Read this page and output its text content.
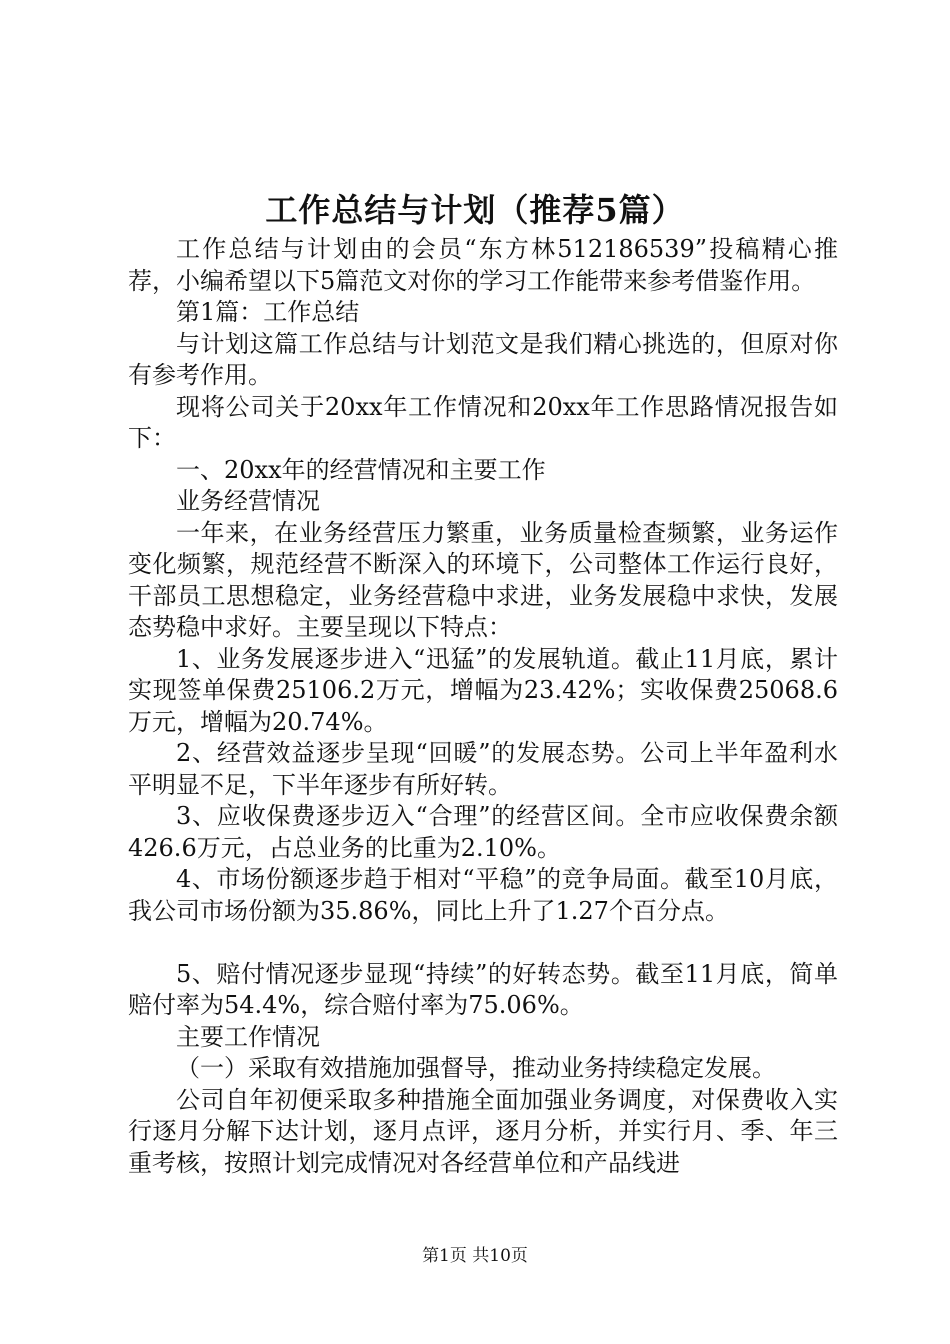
工作总结与计划（推荐5篇）

工作总结与计划由的会员“东方林512186539”投稿精心推荐，小编希望以下5篇范文对你的学习工作能带来参考借鉴作用。

第1篇：工作总结

与计划这篇工作总结与计划范文是我们精心挑选的，但原对你有参考作用。

现将公司关于20xx年工作情况和20xx年工作思路情况报告如下：

一、20xx年的经营情况和主要工作

业务经营情况

一年来，在业务经营压力繁重，业务质量检查频繁，业务运作变化频繁，规范经营不断深入的环境下，公司整体工作运行良好，干部员工思想稳定，业务经营稳中求进，业务发展稳中求快，发展态势稳中求好。主要呈现以下特点：

1、业务发展逐步进入“迅猛”的发展轨道。截止11月底，累计实现签单保费25106.2万元，增幅为23.42%；实收保费25068.6万元，增幅为20.74%。

2、经营效益逐步呈现“回暖”的发展态势。公司上半年盈利水平明显不足，下半年逐步有所好转。

3、应收保费逐步迈入“合理”的经营区间。全市应收保费余额426.6万元，占总业务的比重为2.10%。

4、市场份额逐步趋于相对“平稳”的竞争局面。截至10月底，我公司市场份额为35.86%，同比上升了1.27个百分点。

5、赔付情况逐步显现“持续”的好转态势。截至11月底，简单赔付率为54.4%，综合赔付率为75.06%。

主要工作情况

（一）采取有效措施加强督导，推动业务持续稳定发展。

公司自年初便采取多种措施全面加强业务调度，对保费收入实行逐月分解下达计划，逐月点评，逐月分析，并实行月、季、年三重考核，按照计划完成情况对各经营单位和产品线进

第1页 共10页
